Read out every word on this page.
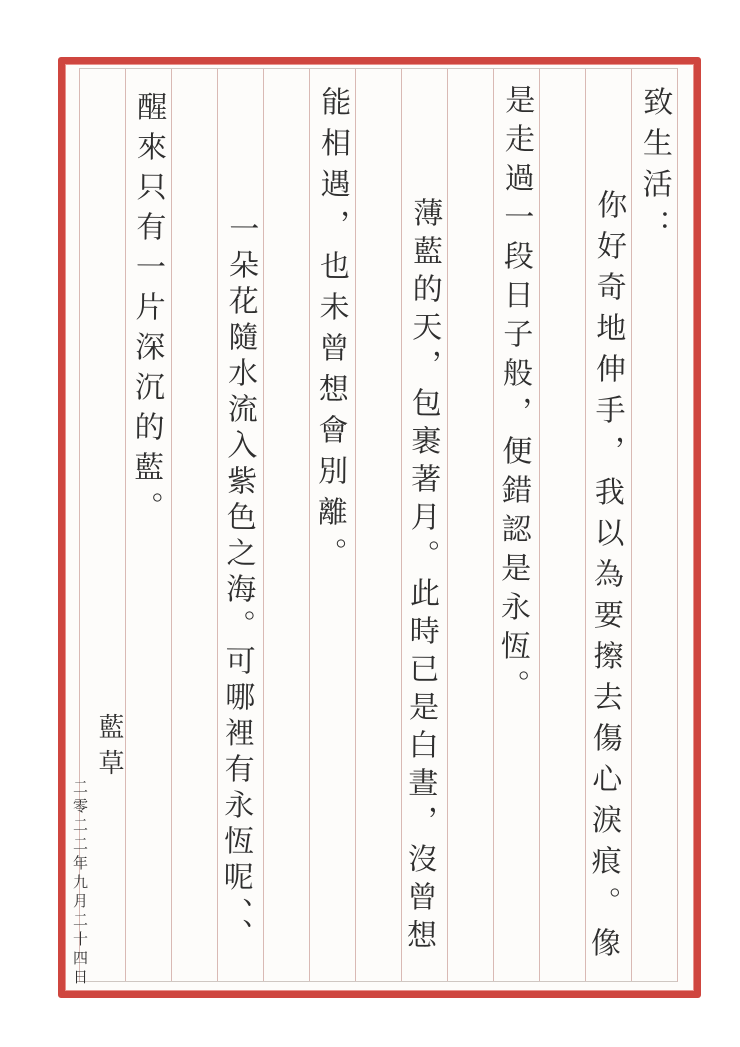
致生活：
你好奇地伸手，我以為要擦去傷心淚痕。像
是走過一段日子般，便錯認是永恆。
薄藍的天，包裹著月。此時已是白晝，沒曾想
能相遇，也未曾想會別離。
一朵花隨水流入紫色之海。可哪裡有永恆呢、、
醒來只有一片深沉的藍。
藍草
二零二二年九月二十四日
